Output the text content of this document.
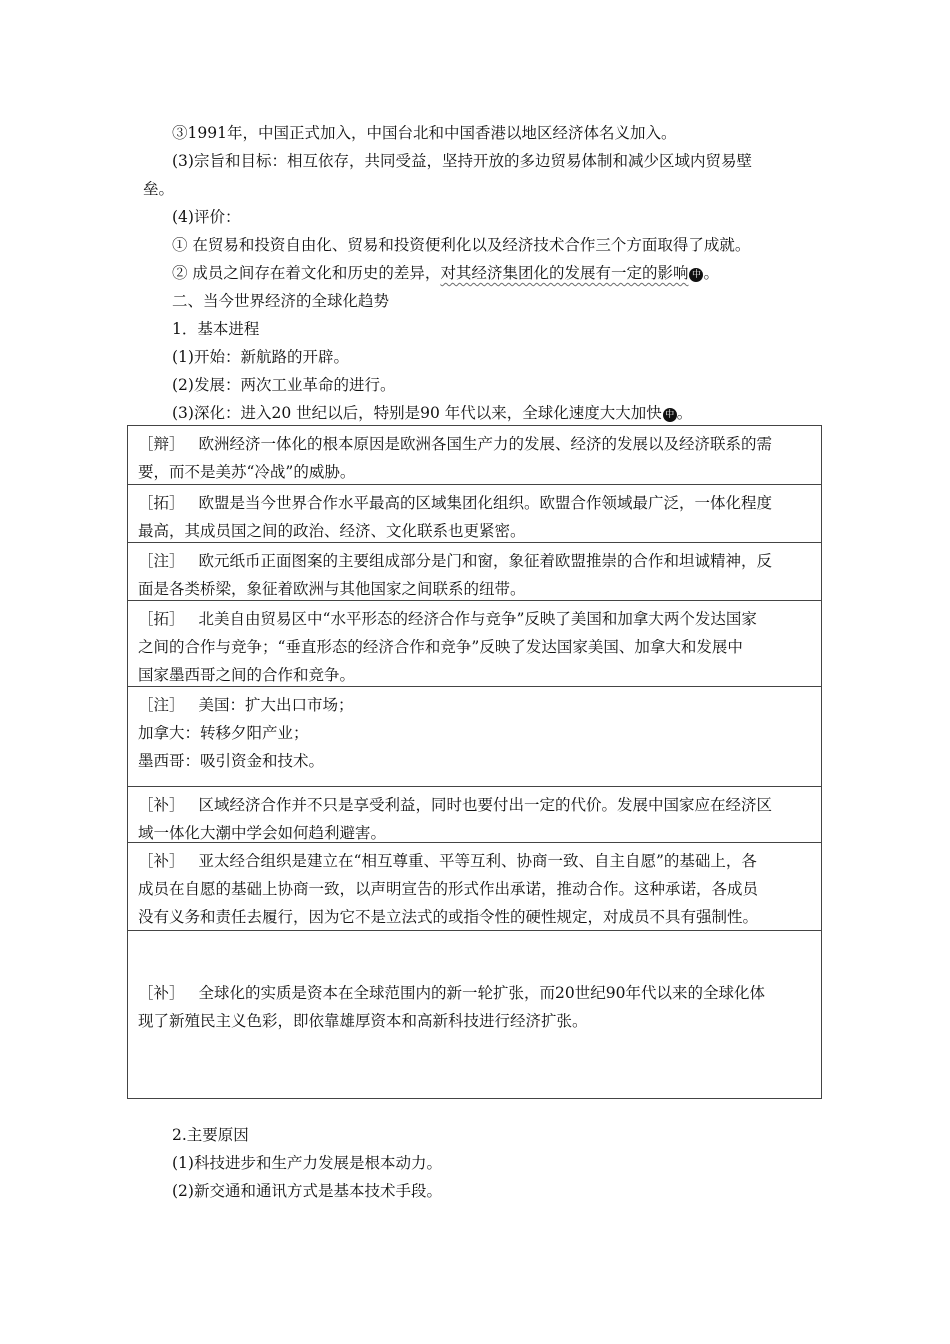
③1991年，中国正式加入，中国台北和中国香港以地区经济体名义加入。
(3)宗旨和目标：相互依存，共同受益，坚持开放的多边贸易体制和减少区域内贸易壁
垒。
(4)评价：
① 在贸易和投资自由化、贸易和投资便利化以及经济技术合作三个方面取得了成就。
② 成员之间存在着文化和历史的差异，对其经济集团化的发展有一定的影响 中 。
二、当今世界经济的全球化趋势
1．基本进程
(1)开始：新航路的开辟。
(2)发展：两次工业革命的进行。
(3)深化：进入20 世纪以后，特别是90 年代以来，全球化速度大大加快 中 。
［辩］ 欧洲经济一体化的根本原因是欧洲各国生产力的发展、经济的发展以及经济联系的需
要，而不是美苏“冷战”的威胁。
［拓］ 欧盟是当今世界合作水平最高的区域集团化组织。欧盟合作领域最广泛，一体化程度
最高，其成员国之间的政治、经济、文化联系也更紧密。
［注］ 欧元纸币正面图案的主要组成部分是门和窗，象征着欧盟推崇的合作和坦诚精神，反
面是各类桥梁，象征着欧洲与其他国家之间联系的纽带。
［拓］ 北美自由贸易区中“水平形态的经济合作与竞争”反映了美国和加拿大两个发达国家
之间的合作与竞争；“垂直形态的经济合作和竞争”反映了发达国家美国、加拿大和发展中
国家墨西哥之间的合作和竞争。
［注］ 美国：扩大出口市场；
加拿大：转移夕阳产业；
墨西哥：吸引资金和技术。
［补］ 区域经济合作并不只是享受利益，同时也要付出一定的代价。发展中国家应在经济区
域一体化大潮中学会如何趋利避害。
［补］ 亚太经合组织是建立在“相互尊重、平等互利、协商一致、自主自愿”的基础上，各
成员在自愿的基础上协商一致，以声明宣告的形式作出承诺，推动合作。这种承诺，各成员
没有义务和责任去履行，因为它不是立法式的或指令性的硬性规定，对成员不具有强制性。
［补］ 全球化的实质是资本在全球范围内的新一轮扩张，而20世纪90年代以来的全球化体
现了新殖民主义色彩，即依靠雄厚资本和高新科技进行经济扩张。
2.主要原因
(1)科技进步和生产力发展是根本动力。
(2)新交通和通讯方式是基本技术手段。
